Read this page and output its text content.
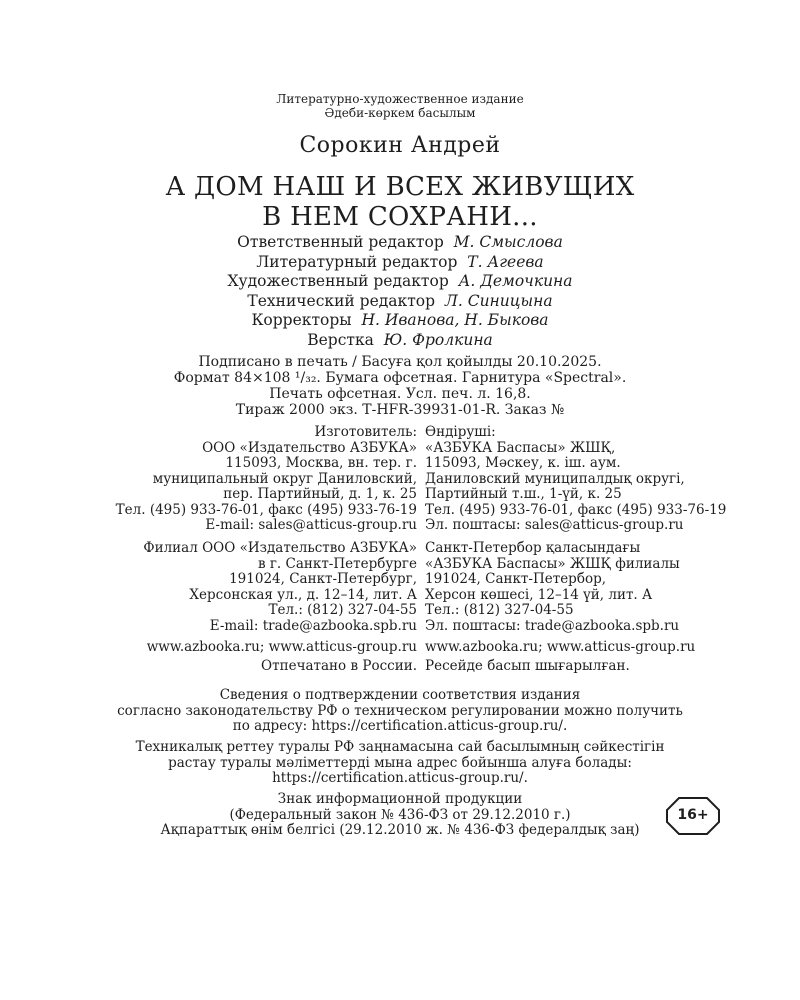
Литературно-художественное издание
Әдеби-көркем басылым
Сорокин Андрей
А ДОМ НАШ И ВСЕХ ЖИВУЩИХ
В НЕМ СОХРАНИ...
Ответственный редактор М. Смыслова
Литературный редактор Т. Агеева
Художественный редактор А. Демочкина
Технический редактор Л. Синицына
Корректоры Н. Иванова, Н. Быкова
Верстка Ю. Фролкина
Подписано в печать / Басуға қол қойылды 20.10.2025.
Формат 84×108 ¹/₃₂. Бумага офсетная. Гарнитура «Spectral».
Печать офсетная. Усл. печ. л. 16,8.
Тираж 2000 экз. Т-HFR-39931-01-R. Заказ №
Изготовитель:
ООО «Издательство АЗБУКА»
115093, Москва, вн. тер. г.
муниципальный округ Даниловский,
пер. Партийный, д. 1, к. 25
Тел. (495) 933-76-01, факс (495) 933-76-19
E-mail: sales@atticus-group.ru
Өндіруші:
«АЗБУКА Баспасы» ЖШҚ,
115093, Мәскеу, к. іш. аум.
Даниловский муниципалдық округі,
Партийный т.ш., 1-үй, к. 25
Тел. (495) 933-76-01, факс (495) 933-76-19
Эл. поштасы: sales@atticus-group.ru
Филиал ООО «Издательство АЗБУКА»
в г. Санкт-Петербурге
191024, Санкт-Петербург,
Херсонская ул., д. 12–14, лит. А
Тел.: (812) 327-04-55
E-mail: trade@azbooka.spb.ru
Санкт-Петербор қаласындағы
«АЗБУКА Баспасы» ЖШҚ филиалы
191024, Санкт-Петербор,
Херсон көшесі, 12–14 үй, лит. А
Тел.: (812) 327-04-55
Эл. поштасы: trade@azbooka.spb.ru
www.azbooka.ru; www.atticus-group.ru www.azbooka.ru; www.atticus-group.ru
Отпечатано в России. Ресейде басып шығарылған.
Сведения о подтверждении соответствия издания
согласно законодательству РФ о техническом регулировании можно получить
по адресу: https://certification.atticus-group.ru/.
Техникалық реттеу туралы РФ заңнамасына сай басылымның сәйкестігін
растау туралы мәліметтерді мына адрес бойынша алуға болады:
https://certification.atticus-group.ru/.
Знак информационной продукции
(Федеральный закон № 436-ФЗ от 29.12.2010 г.)
Ақпараттық өнім белгісі (29.12.2010 ж. № 436-ФЗ федералдық заң)
16+
